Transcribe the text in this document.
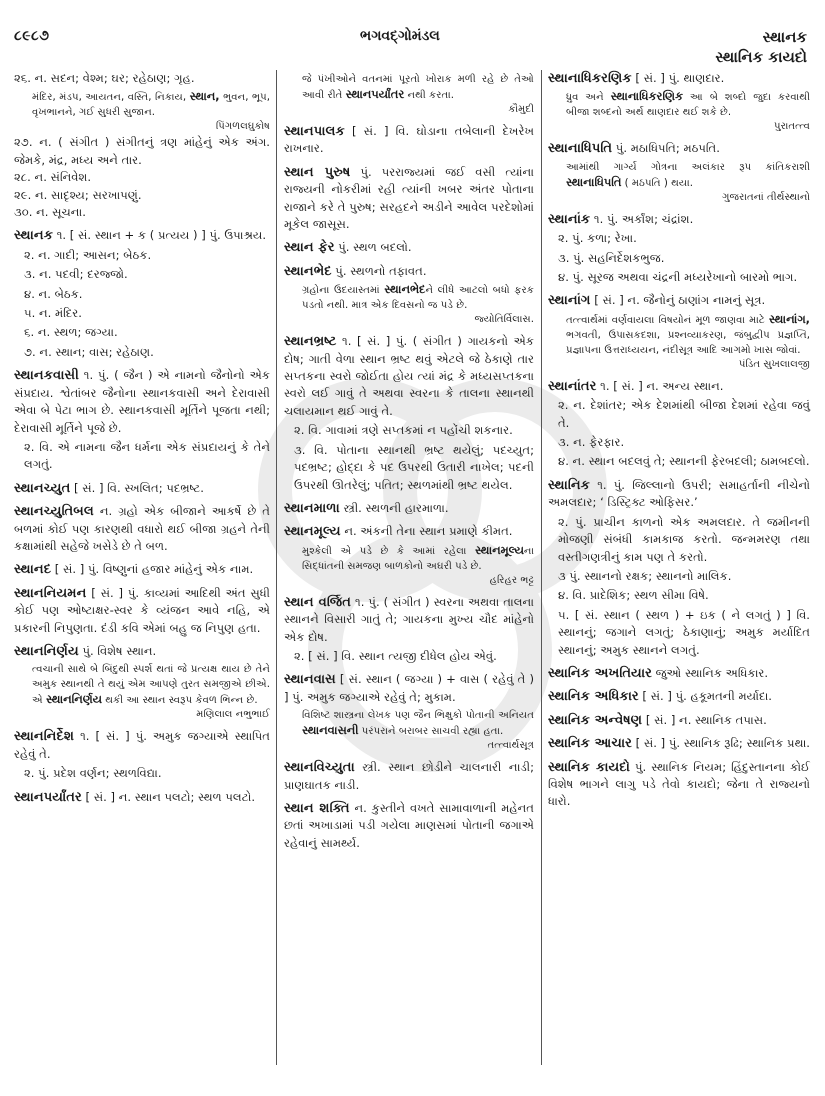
૮૯૮૭	ભગવદ્ગોમંડલ	સ્થાનક
સ્થાનિક કાયદો
૨૬. ન. સદન; વેશ્મ; ઘર; રહેઠાણ; ગૃહ.
મંદિર, મંડપ, આયતન, વસ્તિ, નિકાય, સ્થાન, ભુવન, ભૂપ, વૃખભાનને, ગઈ સુધરી સુજાન.
પિંગળલઘુકોષ
૨૭. ન. ( સંગીત ) સંગીતનું ત્રણ માંહેનું એક અંગ. જેમકે, મંદ્ર, મધ્ય અને તાર.
૨૮. ન. સંનિવેશ.
૨૯. ન. સાદૃશ્ય; સરખાપણું.
૩૦. ન. સૂચના.
સ્થાનક ૧. [ સં. સ્થાન + ક ( પ્રત્યય ) ] પું. ઉપાશ્રય.
૨. ન. ગાદી; આસન; બેઠક.
૩. ન. પદવી; દરજ્જો.
૪. ન. બેઠક.
૫. ન. મંદિર.
૬. ન. સ્થળ; જગ્યા.
૭. ન. સ્થાન; વાસ; રહેઠાણ.
સ્થાનકવાસી ૧. પું. ( જૈન ) એ નામનો જૈનોનો એક સંપ્રદાય. શ્વેતાંબર જૈનોના સ્થાનકવાસી અને દેરાવાસી એવા બે પેટા ભાગ છે. સ્થાનકવાસી મૂર્તિને પૂજતા નથી; દેરાવાસી મૂર્તિને પૂજે છે.
૨. વિ. એ નામના જૈન ધર્મના એક સંપ્રદાયનું કે તેને લગતું.
સ્થાનચ્યુત [ સં. ] વિ. સ્ખલિત; પદભ્રષ્ટ.
સ્થાનચ્યુતિબલ ન. ગ્રહો એક બીજાને આકર્ષે છે તે બળમાં કોઈ પણ કારણથી વધારો થઈ બીજા ગ્રહને તેની કક્ષામાંથી સહેજે ખસેડે છે તે બળ.
સ્થાનદ [ સં. ] પું. વિષ્ણુનાં હજાર માંહેનું એક નામ.
સ્થાનનિયમન [ સં. ] પું. કાવ્યમાં આદિથી અંત સુધી કોઈ પણ ઓષ્ટાક્ષર-સ્વર કે વ્યંજન આવે નહિ, એ પ્રકારની નિપુણતા. દંડી કવિ એમાં બહુ જ નિપુણ હતા.
સ્થાનનિર્ણય પું. વિશેષ સ્થાન.
ત્વચાની સાથે બે બિંદુથી સ્પર્શ થતાં જે પ્રત્યક્ષ થાય છે તેને અમુક સ્થાનથી તે થયું એમ આપણે તુરત સમજીએ છીએ. એ સ્થાનનિર્ણય થકી આ સ્થાન સ્વરૂપ કેવળ ભિન્ન છે.
મણિલાલ નભુભાઈ
સ્થાનનિર્દેશ ૧. [ સં. ] પું. અમુક જગ્યાએ સ્થાપિત રહેવું તે.
૨. પું. પ્રદેશ વર્ણન; સ્થળવિદ્યા.
સ્થાનપર્યાંતર [ સં. ] ન. સ્થાન પલટો; સ્થળ પલટો.
જે પંખીઓને વતનમાં પૂરતો ખોરાક મળી રહે છે તેઓ આવી રીતે સ્થાનપર્યાંતર નથી કરતા.
કૌમુદી
સ્થાનપાલક [ સં. ] વિ. ઘોડાના તબેલાની દેખરેખ રાખનાર.
સ્થાન પુરુષ પું. પરરાજ્યમાં જઈ વસી ત્યાંના રાજ્યની નોકરીમાં રહી ત્યાંની ખબર અંતર પોતાના રાજાને કરે તે પુરુષ; સરહદને અડીને આવેલ પરદેશોમાં મૂકેલ જાસૂસ.
સ્થાન ફેર પું. સ્થળ બદલો.
સ્થાનભેદ પું. સ્થળનો તફાવત.
ગ્રહોના ઉદયાસ્તમાં સ્થાનભેદને લીધે આટલો બધો ફરક પડતો નથી. માત્ર એક દિવસનો જ પડે છે.
જ્યોતિર્વિલાસ.
સ્થાનભ્રષ્ટ ૧. [ સં. ] પું. ( સંગીત ) ગાયકનો એક દોષ; ગાતી વેળા સ્થાન ભ્રષ્ટ થવું એટલે જે ઠેકાણે તાર સપ્તકના સ્વરો જોઈતા હોય ત્યાં મંદ્ર કે મધ્યસપ્તકના સ્વરો લઈ ગાવું તે અથવા સ્વરના કે તાલના સ્થાનથી ચલાયમાન થઈ ગાવું તે.
૨. વિ. ગાવામાં ત્રણે સપ્તકમાં ન પહોંચી શકનાર.
૩. વિ. પોતાના સ્થાનથી ભ્રષ્ટ થયેલું; પદચ્યુત; પદભ્રષ્ટ; હોદ્દા કે પદ ઉપરથી ઉતારી નાખેલ; પદની ઉપરથી ઊતરેલું; પતિત; સ્થળમાંથી ભ્રષ્ટ થયેલ.
સ્થાનમાળા સ્ત્રી. સ્થળની હારમાળા.
સ્થાનમૂલ્ય ન. અંકની તેના સ્થાન પ્રમાણે કીમત.
મુશ્કેલી એ પડે છે કે આમાં રહેલા સ્થાનમૂલ્યના સિદ્ધાંતની સમજણ બાળકોનો અઘરી પડે છે.
હરિહર ભટ્ટ
સ્થાન વર્જિત ૧. પું. ( સંગીત ) સ્વરના અથવા તાલના સ્થાનને વિસારી ગાતું તે; ગાયકના મુખ્ય ચૌદ માંહેનો એક દોષ.
૨. [ સં. ] વિ. સ્થાન ત્યજી દીધેલ હોય એવું.
સ્થાનવાસ [ સં. સ્થાન ( જગ્યા ) + વાસ ( રહેવું તે ) ] પું. અમુક જગ્યાએ રહેવું તે; મુકામ.
વિશિષ્ટ શાસ્ત્રના લેખક પણ જૈન ભિક્ષુકો પોતાની અનિયત સ્થાનવાસની પરંપરાને બરાબર સાચવી રહ્યા હતા.
તત્ત્વાર્થસૂત્ર
સ્થાનવિચ્યુતા સ્ત્રી. સ્થાન છોડીને ચાલનારી નાડી; પ્રાણઘાતક નાડી.
સ્થાન શક્તિ ન. કુસ્તીને વખતે સામાવાળાની મહેનત છતાં અખાડામાં પડી ગયેલા માણસમાં પોતાની જગાએ રહેવાનું સામર્થ્ય.
સ્થાનાધિકરણિક [ સં. ] પું. થાણદાર.
ધ્રુવ અને સ્થાનાધિકરણિક આ બે શબ્દો જુદા કરવાથી બીજા શબ્દનો અર્થ થાણદાર થઈ શકે છે.
પુરાતત્ત્વ
સ્થાનાધિપતિ પું. મઠાધિપતિ; મઠપતિ.
આમાંથી ગાર્ગ્ય ગોત્રના અલંકાર રૂપ કાંતિકરાશી સ્થાનાધિપતિ ( મઠપતિ ) થયા.
ગુજરાતનાં તીર્થસ્થાનો
સ્થાનાંક ૧. પું. અર્કાંશ; ચંદ્રાંશ.
૨. પું. કળા; રેખા.
૩. પું. સહનિર્દેશકભુજ.
૪. પું. સૂરજ અથવા ચંદ્રની મધ્યરેખાનો બારમો ભાગ.
સ્થાનાંગ [ સં. ] ન. જૈનોનું ઠાણાંગ નામનું સૂત્ર.
તત્ત્વાર્થમાં વર્ણવાયલા વિષયોનં મૂળ જાણવા માટે સ્થાનાંગ, ભગવતી, ઉપાસકદશા, પ્રશ્નવ્યાકરણ, જંબુદ્વીપ પ્રજ્ઞપ્તિ, પ્રજ્ઞાપના ઉત્તરાધ્યયન, નંદીસૂત્ર આદિ આગમો ખાસ જોવાં.
પંડિત સુખલાલજી
સ્થાનાંતર ૧. [ સં. ] ન. અન્ય સ્થાન.
૨. ન. દેશાંતર; એક દેશમાંથી બીજા દેશમાં રહેવા જવું તે.
૩. ન. ફેરફાર.
૪. ન. સ્થાન બદલવું તે; સ્થાનની ફેરબદલી; ઠામબદલો.
સ્થાનિક ૧. પું. જિલ્લાનો ઉપરી; સમાહર્તાની નીચેનો અમલદાર; ‘ ડિસ્ટ્રિક્ટ ઓફિસર.’
૨. પું. પ્રાચીન કાળનો એક અમલદાર. તે જમીનની મોજણી સંબંધી કામકાજ કરતો. જન્મમરણ તથા વસ્તીગણત્રીનું કામ પણ તે કરતો.
૩ પું. સ્થાનનો રક્ષક; સ્થાનનો માલિક.
૪. વિ. પ્રાદેશિક; સ્થળ સીમા વિષે.
૫. [ સં. સ્થાન ( સ્થળ ) + ઇક ( ને લગતું ) ] વિ. સ્થાનનું; જગાને લગતું; ઠેકાણાનું; અમુક મર્યાદિત સ્થાનનું; અમુક સ્થાનને લગતું.
સ્થાનિક અખતિયાર જુઓ સ્થાનિક અધિકાર.
સ્થાનિક અધિકાર [ સં. ] પું. હકૂમતની મર્યાદા.
સ્થાનિક અન્વેષણ [ સં. ] ન. સ્થાનિક તપાસ.
સ્થાનિક આચાર [ સં. ] પું. સ્થાનિક રૂઢિ; સ્થાનિક પ્રથા.
સ્થાનિક કાયદો પું. સ્થાનિક નિયમ; હિંદુસ્તાનના કોઈ વિશેષ ભાગને લાગુ પડે તેવો કાયદો; જેના તે રાજ્યનો ધારો.
